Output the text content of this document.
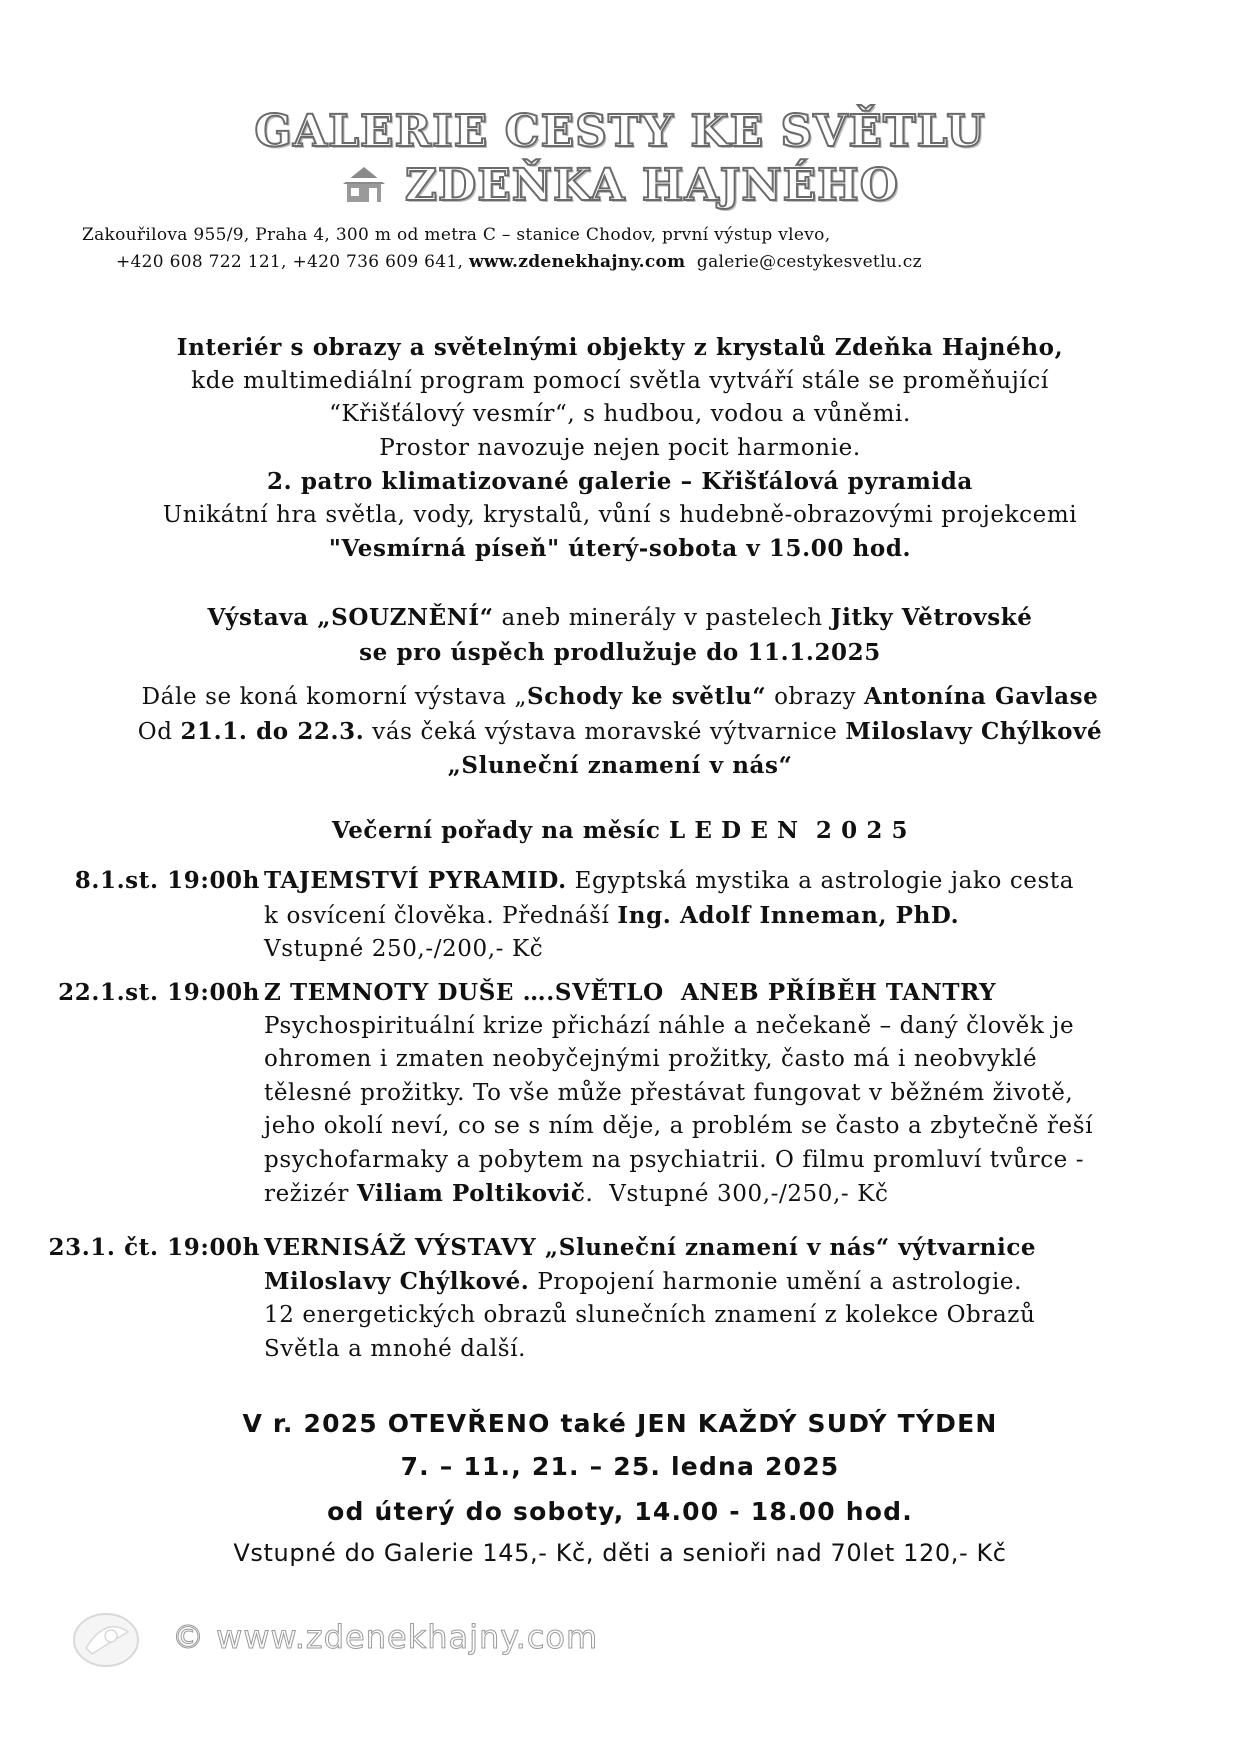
GALERIE CESTY KE SVĚTLU
ZDEŇKA HAJNÉHO
Zakouřilova 955/9, Praha 4, 300 m od metra C – stanice Chodov, první výstup vlevo,
+420 608 722 121, +420 736 609 641, www.zdenekhajny.com galerie@cestykesvetlu.cz
Interiér s obrazy a světelnými objekty z krystalů Zdeňka Hajného,
kde multimediální program pomocí světla vytváří stále se proměňující
“Křišťálový vesmír“, s hudbou, vodou a vůněmi.
Prostor navozuje nejen pocit harmonie.
2. patro klimatizované galerie – Křišťálová pyramida
Unikátní hra světla, vody, krystalů, vůní s hudebně-obrazovými projekcemi
"Vesmírná píseň" úterý-sobota v 15.00 hod.
Výstava „SOUZNĚNÍ“ aneb minerály v pastelech Jitky Větrovské
se pro úspěch prodlužuje do 11.1.2025
Dále se koná komorní výstava „Schody ke světlu“ obrazy Antonína Gavlase
Od 21.1. do 22.3. vás čeká výstava moravské výtvarnice Miloslavy Chýlkové
„Sluneční znamení v nás“
Večerní pořady na měsíc L E D E N  2 0 2 5
8.1.st. 19:00h TAJEMSTVÍ PYRAMID. Egyptská mystika a astrologie jako cesta
k osvícení člověka. Přednáší Ing. Adolf Inneman, PhD.
Vstupné 250,-/200,- Kč
22.1.st. 19:00h Z TEMNOTY DUŠE ….SVĚTLO  ANEB PŘÍBĚH TANTRY
Psychospirituální krize přichází náhle a nečekaně – daný člověk je
ohromen i zmaten neobyčejnými prožitky, často má i neobvyklé
tělesné prožitky. To vše může přestávat fungovat v běžném životě,
jeho okolí neví, co se s ním děje, a problém se často a zbytečně řeší
psychofarmaky a pobytem na psychiatrii. O filmu promluví tvůrce -
režizér Viliam Poltikovič.  Vstupné 300,-/250,- Kč
23.1. čt. 19:00h VERNISÁŽ VÝSTAVY „Sluneční znamení v nás“ výtvarnice
Miloslavy Chýlkové. Propojení harmonie umění a astrologie.
12 energetických obrazů slunečních znamení z kolekce Obrazů
Světla a mnohé další.
V r. 2025 OTEVŘENO také JEN KAŽDÝ SUDÝ TÝDEN
7. – 11., 21. – 25. ledna 2025
od úterý do soboty, 14.00 - 18.00 hod.
Vstupné do Galerie 145,- Kč, děti a senioři nad 70let 120,- Kč
© www.zdenekhajny.com
